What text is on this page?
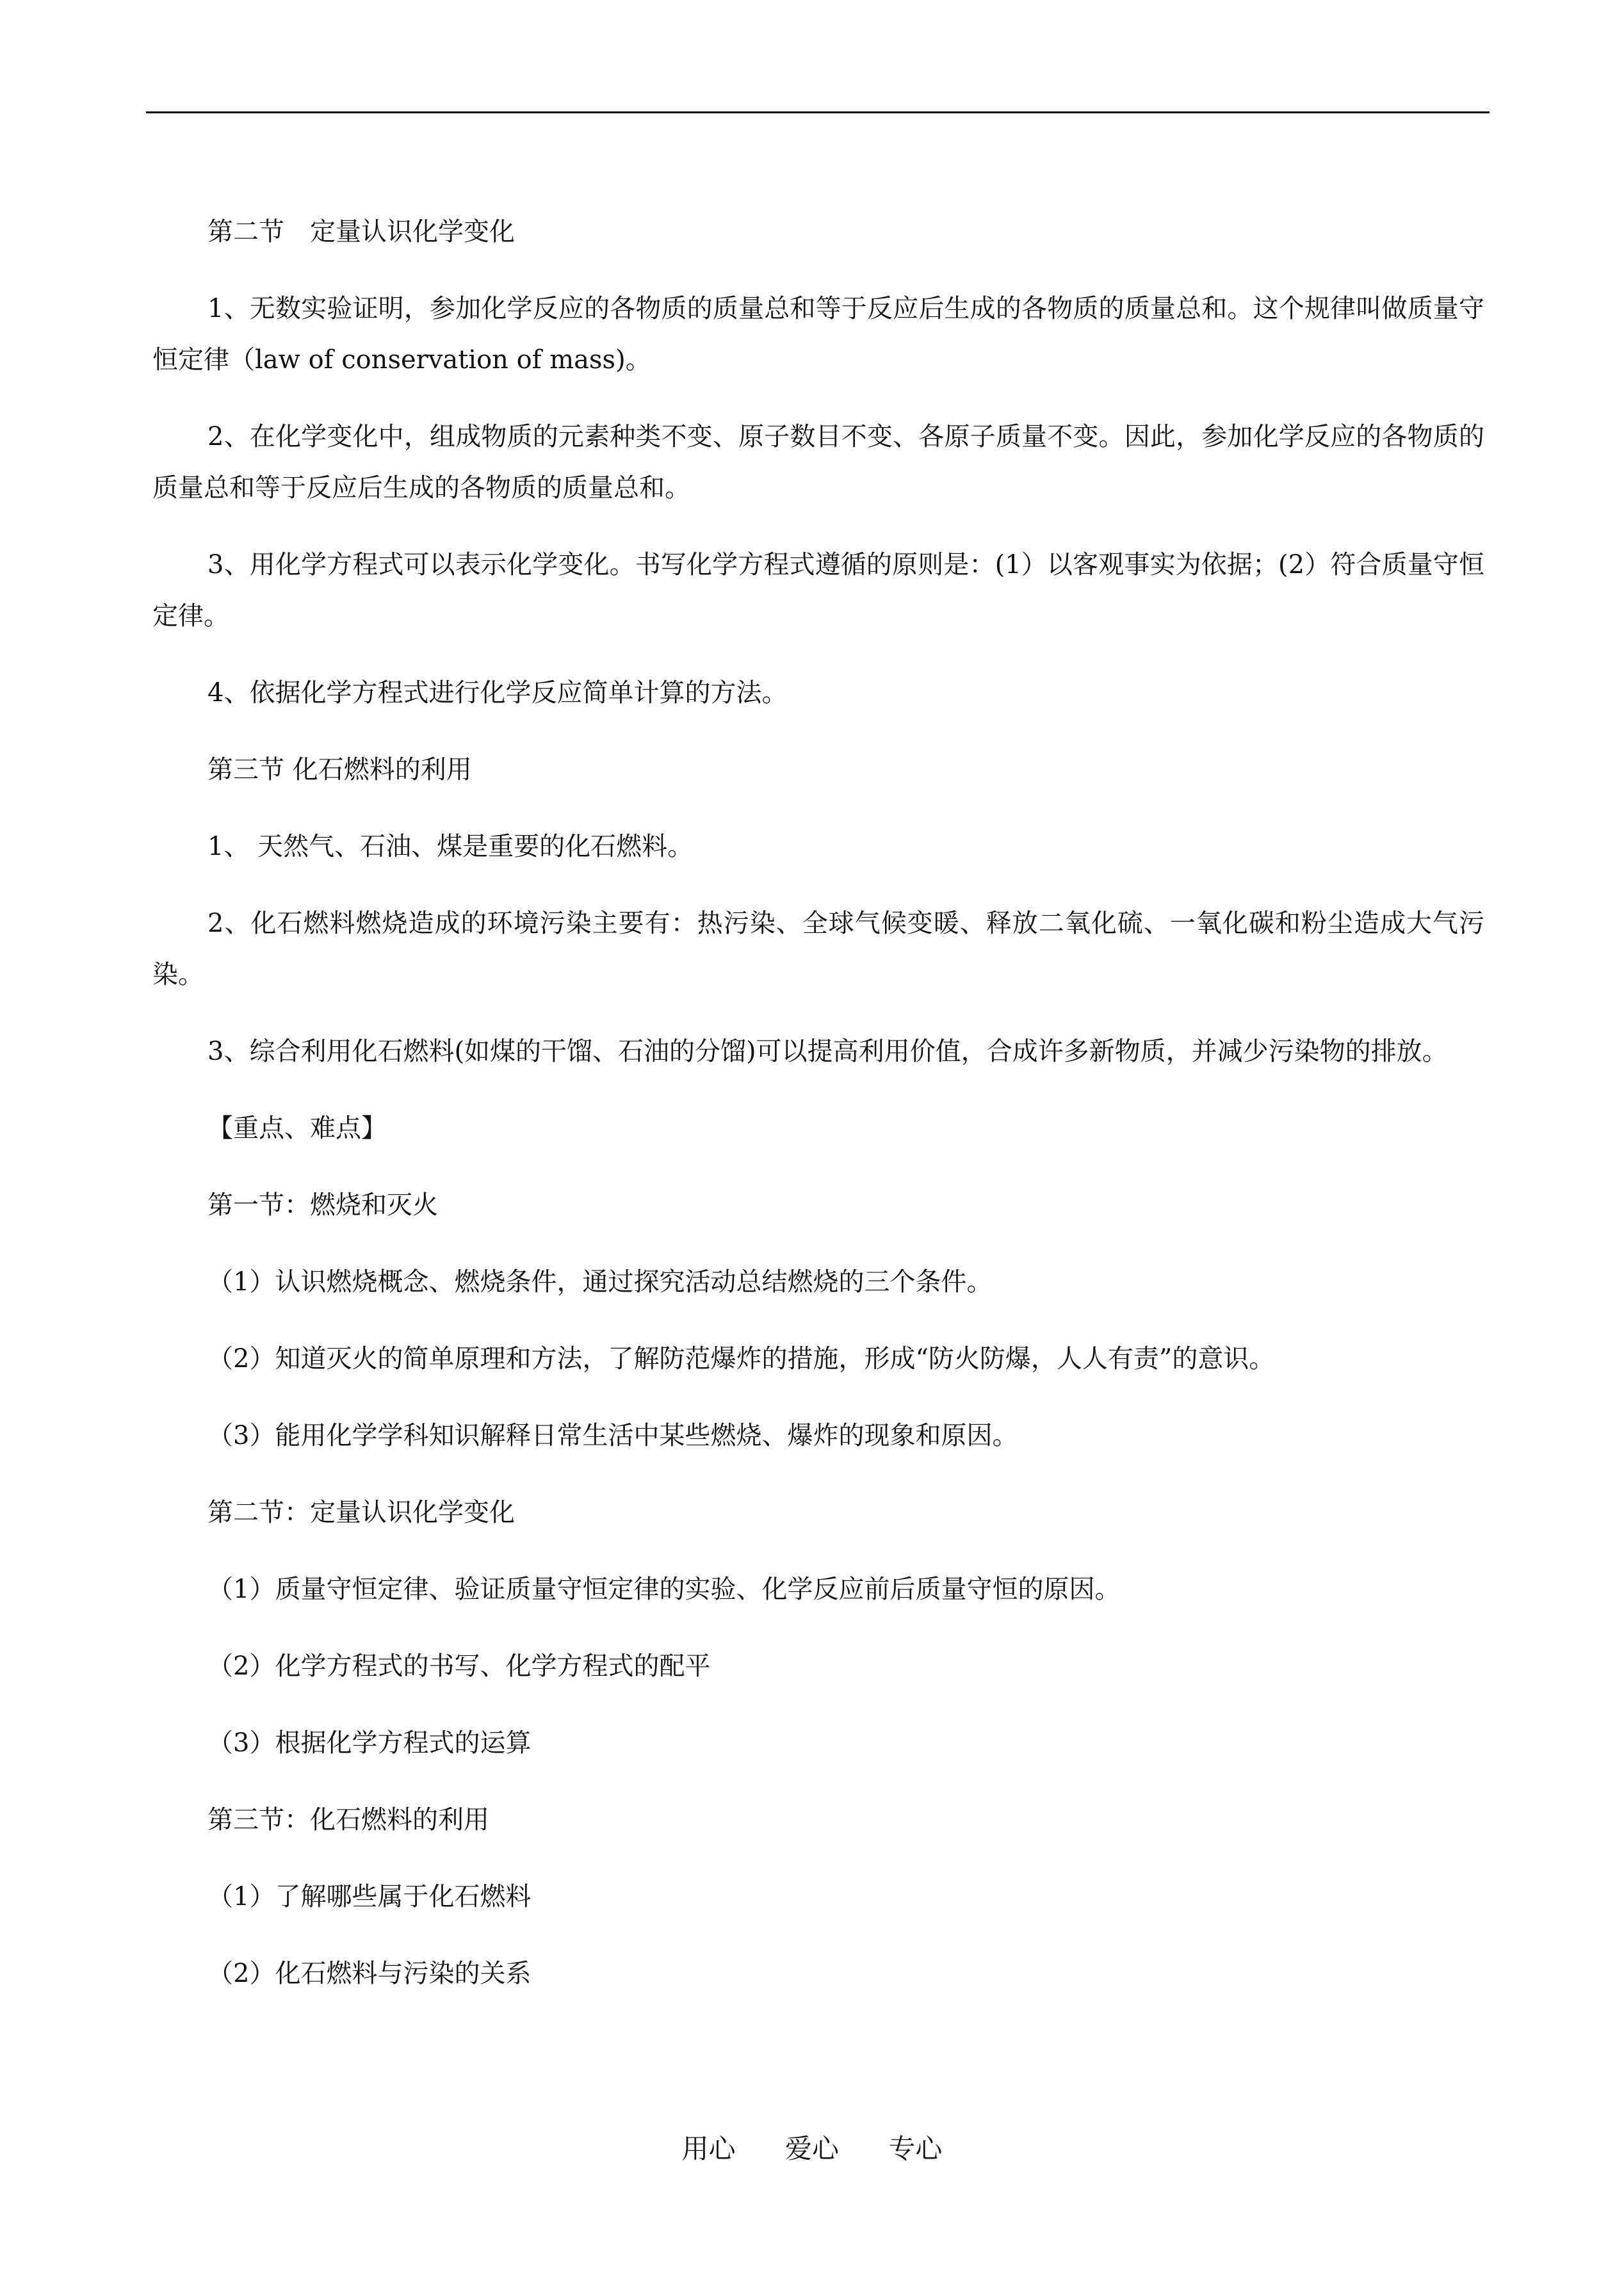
第二节　定量认识化学变化

1、无数实验证明，参加化学反应的各物质的质量总和等于反应后生成的各物质的质量总和。这个规律叫做质量守恒定律（law of conservation of mass)。

2、在化学变化中，组成物质的元素种类不变、原子数目不变、各原子质量不变。因此，参加化学反应的各物质的质量总和等于反应后生成的各物质的质量总和。

3、用化学方程式可以表示化学变化。书写化学方程式遵循的原则是：(1）以客观事实为依据；(2）符合质量守恒定律。

4、依据化学方程式进行化学反应简单计算的方法。

第三节 化石燃料的利用

1、 天然气、石油、煤是重要的化石燃料。

2、化石燃料燃烧造成的环境污染主要有：热污染、全球气候变暖、释放二氧化硫、一氧化碳和粉尘造成大气污染。

3、综合利用化石燃料(如煤的干馏、石油的分馏)可以提高利用价值，合成许多新物质，并减少污染物的排放。

【重点、难点】

第一节：燃烧和灭火

（1）认识燃烧概念、燃烧条件，通过探究活动总结燃烧的三个条件。

（2）知道灭火的简单原理和方法，了解防范爆炸的措施，形成“防火防爆，人人有责”的意识。

（3）能用化学学科知识解释日常生活中某些燃烧、爆炸的现象和原因。

第二节：定量认识化学变化

（1）质量守恒定律、验证质量守恒定律的实验、化学反应前后质量守恒的原因。

（2）化学方程式的书写、化学方程式的配平

（3）根据化学方程式的运算

第三节：化石燃料的利用

（1）了解哪些属于化石燃料

（2）化石燃料与污染的关系

用心 爱心 专心
